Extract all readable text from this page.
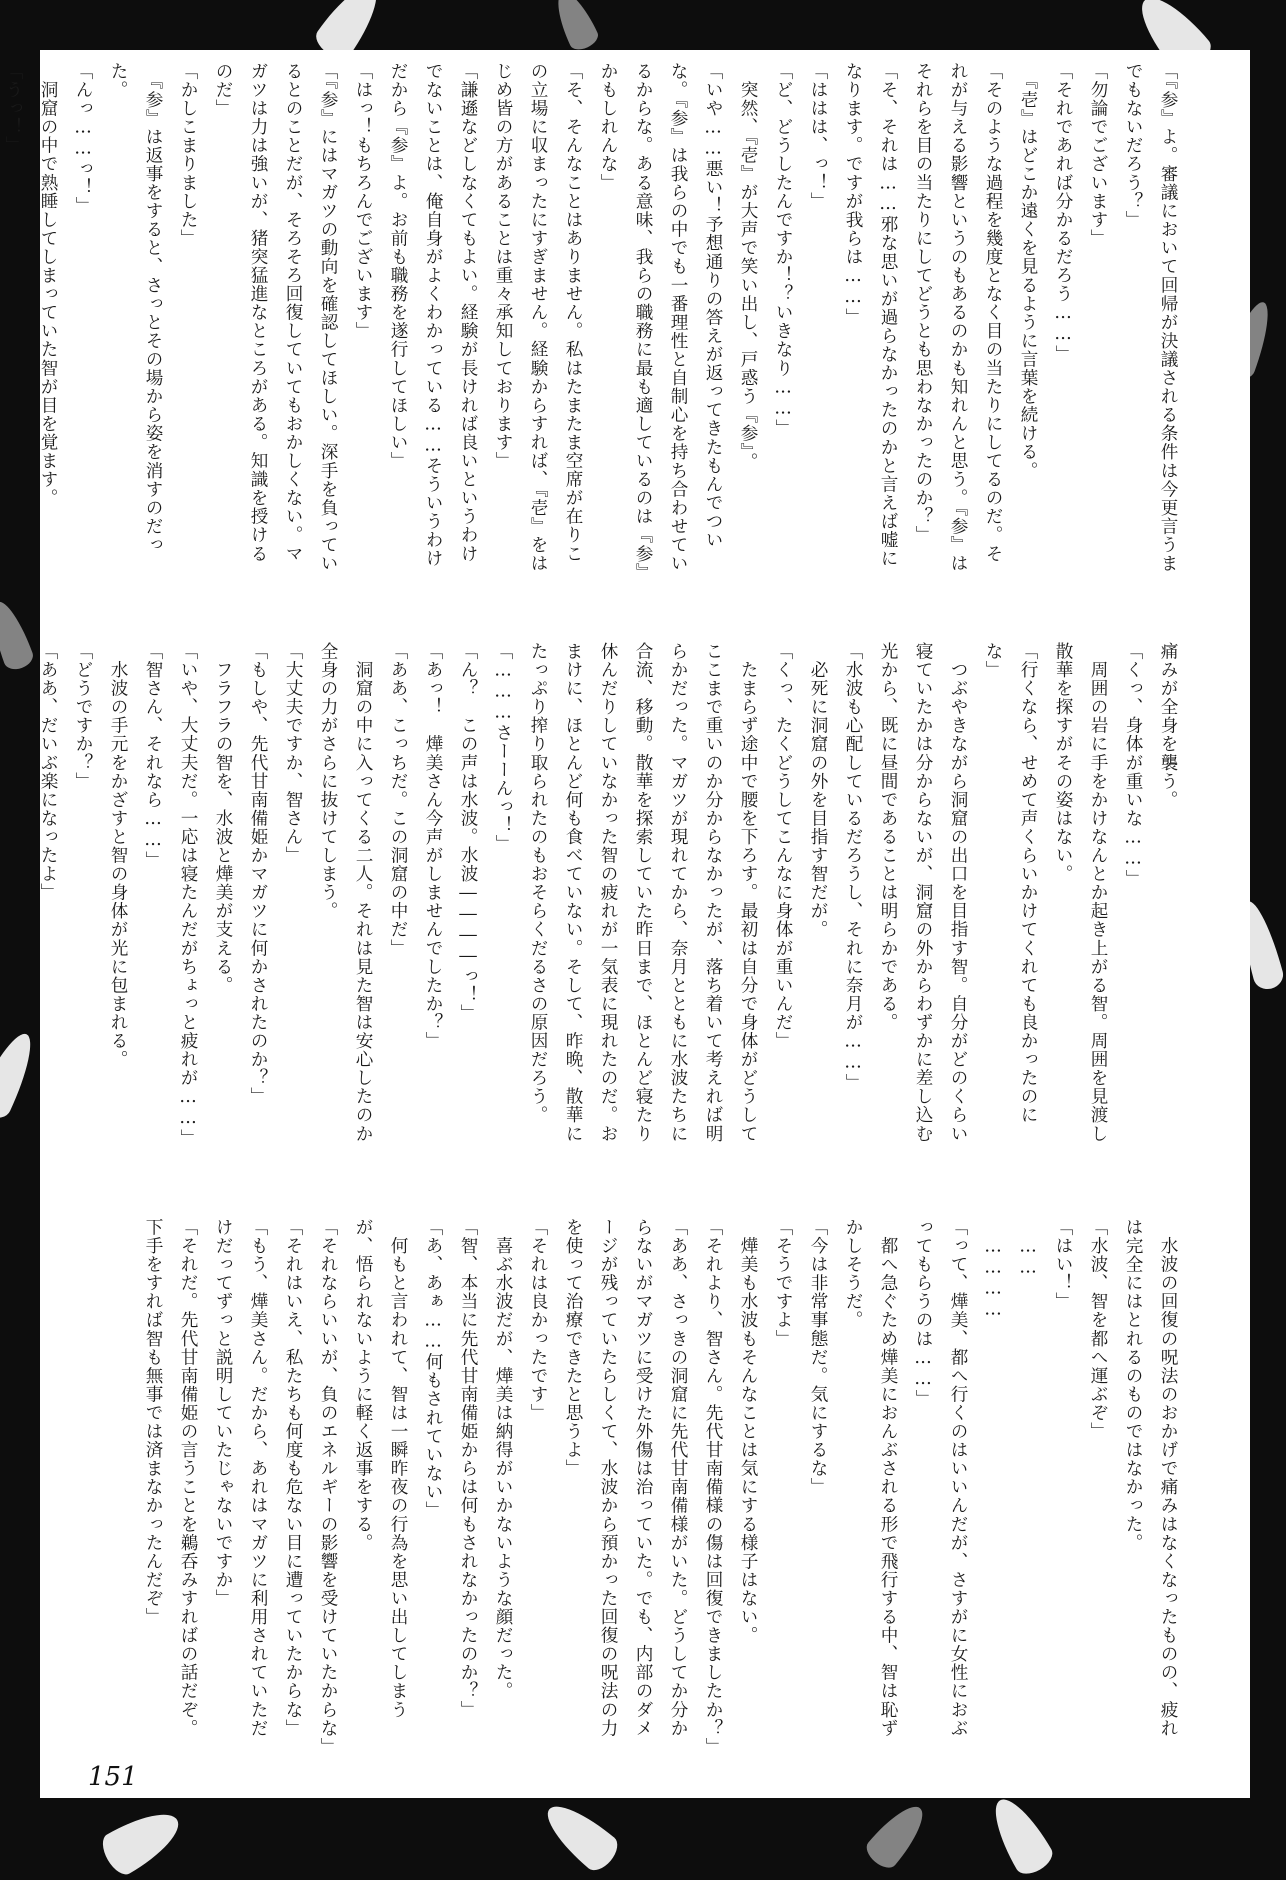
「『参』よ。審議において回帰が決議される条件は今更言うまでもないだろう？」

「勿論でございます」

「それであれば分かるだろう……」

　『壱』はどこか遠くを見るように言葉を続ける。

「そのような過程を幾度となく目の当たりにしてるのだ。それが与える影響というのもあるのかも知れんと思う。『参』はそれらを目の当たりにしてどうとも思わなかったのか？」

「そ、それは……邪な思いが過らなかったのかと言えば嘘になります。ですが我らは……」

「ははは、っ！」

「ど、どうしたんですか！？いきなり……」

　突然、『壱』が大声で笑い出し、戸惑う『参』。

「いや……悪い！予想通りの答えが返ってきたもんでついな。『参』は我らの中でも一番理性と自制心を持ち合わせているからな。ある意味、我らの職務に最も適しているのは『参』かもしれんな」

「そ、そんなことはありません。私はたまたま空席が在りこの立場に収まったにすぎません。経験からすれば、『壱』をはじめ皆の方があることは重々承知しております」

「謙遜などしなくてもよい。経験が長ければ良いというわけでないことは、俺自身がよくわかっている……そういうわけだから『参』よ。お前も職務を遂行してほしい」

「はっ！もちろんでございます」

「『参』にはマガツの動向を確認してほしい。深手を負っているとのことだが、そろそろ回復していてもおかしくない。マガツは力は強いが、猪突猛進なところがある。知識を授けるのだ」

「かしこまりました」

　『参』は返事をすると、さっとその場から姿を消すのだった。

「んっ……っ！」

　洞窟の中で熟睡してしまっていた智が目を覚ます。

「うっ！」

痛みが全身を襲う。

「くっ、身体が重いな……」

　周囲の岩に手をかけなんとか起き上がる智。周囲を見渡し散華を探すがその姿はない。

「行くなら、せめて声くらいかけてくれても良かったのにな」

　つぶやきながら洞窟の出口を目指す智。自分がどのくらい寝ていたかは分からないが、洞窟の外からわずかに差し込む光から、既に昼間であることは明らかである。

「水波も心配しているだろうし、それに奈月が……」

　必死に洞窟の外を目指す智だが。

「くっ、たくどうしてこんなに身体が重いんだ」

　たまらず途中で腰を下ろす。最初は自分で身体がどうしてここまで重いのか分からなかったが、落ち着いて考えれば明らかだった。マガツが現れてから、奈月とともに水波たちに合流、移動。散華を探索していた昨日まで、ほとんど寝たり休んだりしていなかった智の疲れが一気表に現れたのだ。おまけに、ほとんど何も食べていない。そして、昨晩、散華にたっぷり搾り取られたのもおそらくだるさの原因だろう。

「………さーーんっ！」

「ん？　この声は水波。水波――――っ！」

「あっ！　燁美さん今声がしませんでしたか？」

「ああ、こっちだ。この洞窟の中だ」

　洞窟の中に入ってくる二人。それは見た智は安心したのか全身の力がさらに抜けてしまう。

「大丈夫ですか、智さん」

「もしや、先代甘南備姫かマガツに何かされたのか？」

　フラフラの智を、水波と燁美が支える。

「いや、大丈夫だ。一応は寝たんだがちょっと疲れが……」

「智さん、それなら……」

　水波の手元をかざすと智の身体が光に包まれる。

「どうですか？」

「ああ、だいぶ楽になったよ」

　水波の回復の呪法のおかげで痛みはなくなったものの、疲れは完全にはとれるのものではなかった。

「水波、智を都へ運ぶぞ」

「はい！」

　……

　…………

「って、燁美、都へ行くのはいいんだが、さすがに女性におぶってもらうのは……」

　都へ急ぐため燁美におんぶされる形で飛行する中、智は恥ずかしそうだ。

「今は非常事態だ。気にするな」

「そうですよ」

　燁美も水波もそんなことは気にする様子はない。

「それより、智さん。先代甘南備様の傷は回復できましたか？」

「ああ、さっきの洞窟に先代甘南備様がいた。どうしてか分からないがマガツに受けた外傷は治っていた。でも、内部のダメージが残っていたらしくて、水波から預かった回復の呪法の力を使って治療できたと思うよ」

「それは良かったです」

　喜ぶ水波だが、燁美は納得がいかないような顔だった。

「智、本当に先代甘南備姫からは何もされなかったのか？」

「あ、あぁ……何もされていない」

　何もと言われて、智は一瞬昨夜の行為を思い出してしまうが、悟られないように軽く返事をする。

「それならいいが、負のエネルギーの影響を受けていたからな」

「それはいえ、私たちも何度も危ない目に遭っていたからな」

「もう、燁美さん。だから、あれはマガツに利用されていただけだってずっと説明していたじゃないですか」

「それだ。先代甘南備姫の言うことを鵜呑みすればの話だぞ。下手をすれば智も無事では済まなかったんだぞ」

151
